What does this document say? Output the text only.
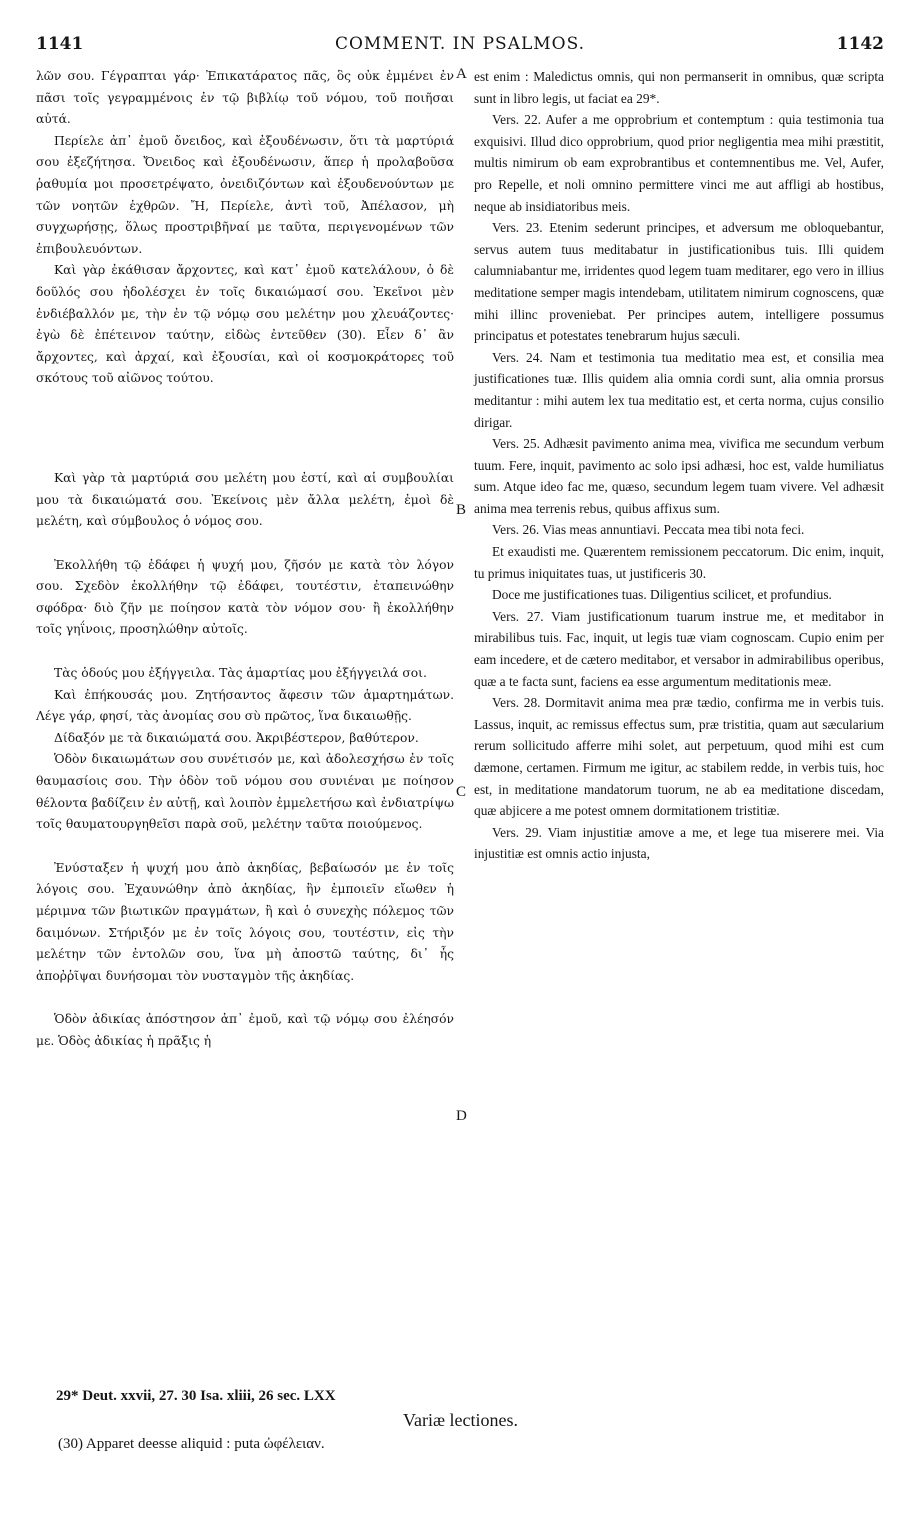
1141	COMMENT. IN PSALMOS.	1142

λῶν σου. Γέγραπται γάρ· Ἐπικατάρατος πᾶς, ὃς οὐκ ἐμμένει ἐν πᾶσι τοῖς γεγραμμένοις ἐν τῷ βιβλίῳ τοῦ νόμου, τοῦ ποιῆσαι αὐτά.

Περίελε ἀπ᾽ ἐμοῦ ὄνειδος, καὶ ἐξουδένωσιν, ὅτι τὰ μαρτύριά σου ἐξεζήτησα. Ὄνειδος καὶ ἐξουδένωσιν, ἅπερ ἡ προλαβοῦσα ῥαθυμία μοι προσετρέψατο, ὀνειδιζόντων καὶ ἐξουδενούντων με τῶν νοητῶν ἐχθρῶν. Ἤ, Περίελε, ἀντὶ τοῦ, Ἀπέλασον, μὴ συγχωρήσῃς, ὅλως προστριβῆναί με ταῦτα, περιγενομένων τῶν ἐπιβουλευόντων.

Καὶ γὰρ ἐκάθισαν ἄρχοντες, καὶ κατ᾽ ἐμοῦ κατελάλουν, ὁ δὲ δοῦλός σου ἠδολέσχει ἐν τοῖς δικαιώμασί σου. Ἐκεῖνοι μὲν ἐνδιέβαλλόν με, τὴν ἐν τῷ νόμῳ σου μελέτην μου χλευάζοντες· ἐγὼ δὲ ἐπέτεινον ταύτην, εἰδὼς ἐντεῦθεν (30). Εἶεν δ᾽ ἂν ἄρχοντες, καὶ ἀρχαί, καὶ ἐξουσίαι, καὶ οἱ κοσμοκράτορες τοῦ σκότους τοῦ αἰῶνος τούτου.

Καὶ γὰρ τὰ μαρτύριά σου μελέτη μου ἐστί, καὶ αἱ συμβουλίαι μου τὰ δικαιώματά σου. Ἐκείνοις μὲν ἄλλα μελέτη, ἐμοὶ δὲ μελέτη, καὶ σύμβουλος ὁ νόμος σου.

Ἐκολλήθη τῷ ἐδάφει ἡ ψυχή μου, ζῆσόν με κατὰ τὸν λόγον σου. Σχεδὸν ἐκολλήθην τῷ ἐδάφει, τουτέστιν, ἐταπεινώθην σφόδρα· διὸ ζῆν με ποίησον κατὰ τὸν νόμον σου· ἢ ἐκολλήθην τοῖς γηΐνοις, προσηλώθην αὐτοῖς.

Τὰς ὁδούς μου ἐξήγγειλα. Τὰς ἁμαρτίας μου ἐξήγγειλά σοι.

Καὶ ἐπήκουσάς μου. Ζητήσαντος ἄφεσιν τῶν ἁμαρτημάτων. Λέγε γάρ, φησί, τὰς ἀνομίας σου σὺ πρῶτος, ἵνα δικαιωθῇς.

Δίδαξόν με τὰ δικαιώματά σου. Ἀκριβέστερον, βαθύτερον.

Ὁδὸν δικαιωμάτων σου συνέτισόν με, καὶ ἀδολεσχήσω ἐν τοῖς θαυμασίοις σου. Τὴν ὁδὸν τοῦ νόμου σου συνιέναι με ποίησον θέλοντα βαδίζειν ἐν αὐτῇ, καὶ λοιπὸν ἐμμελετήσω καὶ ἐνδιατρίψω τοῖς θαυματουργηθεῖσι παρὰ σοῦ, μελέτην ταῦτα ποιούμενος.

Ἐνύσταξεν ἡ ψυχή μου ἀπὸ ἀκηδίας, βεβαίωσόν με ἐν τοῖς λόγοις σου. Ἐχαυνώθην ἀπὸ ἀκηδίας, ἣν ἐμποιεῖν εἴωθεν ἡ μέριμνα τῶν βιωτικῶν πραγμάτων, ἢ καὶ ὁ συνεχὴς πόλεμος τῶν δαιμόνων. Στήριξόν με ἐν τοῖς λόγοις σου, τουτέστιν, εἰς τὴν μελέτην τῶν ἐντολῶν σου, ἵνα μὴ ἀποστῶ ταύτης, δι᾽ ἧς ἀποῤῥῖψαι δυνήσομαι τὸν νυσταγμὸν τῆς ἀκηδίας.

Ὁδὸν ἀδικίας ἀπόστησον ἀπ᾽ ἐμοῦ, καὶ τῷ νόμῳ σου ἐλέησόν με. Ὁδὸς ἀδικίας ἡ πρᾶξις ἡ

A
B
C
D

est enim : Maledictus omnis, qui non permanserit in omnibus, quæ scripta sunt in libro legis, ut faciat ea 29*.

Vers. 22. Aufer a me opprobrium et contemptum : quia testimonia tua exquisivi. Illud dico opprobrium, quod prior negligentia mea mihi præstitit, multis nimirum ob eam exprobrantibus et contemnentibus me. Vel, Aufer, pro Repelle, et noli omnino permittere vinci me aut affligi ab hostibus, neque ab insidiatoribus meis.

Vers. 23. Etenim sederunt principes, et adversum me obloquebantur, servus autem tuus meditabatur in justificationibus tuis. Illi quidem calumniabantur me, irridentes quod legem tuam meditarer, ego vero in illius meditatione semper magis intendebam, utilitatem nimirum cognoscens, quæ mihi illinc proveniebat. Per principes autem, intelligere possumus principatus et potestates tenebrarum hujus sæculi.

Vers. 24. Nam et testimonia tua meditatio mea est, et consilia mea justificationes tuæ. Illis quidem alia omnia cordi sunt, alia omnia prorsus meditantur : mihi autem lex tua meditatio est, et certa norma, cujus consilio dirigar.

Vers. 25. Adhæsit pavimento anima mea, vivifica me secundum verbum tuum. Fere, inquit, pavimento ac solo ipsi adhæsi, hoc est, valde humiliatus sum. Atque ideo fac me, quæso, secundum legem tuam vivere. Vel adhæsit anima mea terrenis rebus, quibus affixus sum.

Vers. 26. Vias meas annuntiavi. Peccata mea tibi nota feci.

Et exaudisti me. Quærentem remissionem peccatorum. Dic enim, inquit, tu primus iniquitates tuas, ut justificeris 30.

Doce me justificationes tuas. Diligentius scilicet, et profundius.

Vers. 27. Viam justificationum tuarum instrue me, et meditabor in mirabilibus tuis. Fac, inquit, ut legis tuæ viam cognoscam. Cupio enim per eam incedere, et de cætero meditabor, et versabor in admirabilibus operibus, quæ a te facta sunt, faciens ea esse argumentum meditationis meæ.

Vers. 28. Dormitavit anima mea præ tædio, confirma me in verbis tuis. Lassus, inquit, ac remissus effectus sum, præ tristitia, quam aut sæcularium rerum sollicitudo afferre mihi solet, aut perpetuum, quod mihi est cum dæmone, certamen. Firmum me igitur, ac stabilem redde, in verbis tuis, hoc est, in meditatione mandatorum tuorum, ne ab ea meditatione discedam, quæ abjicere a me potest omnem dormitationem tristitiæ.

Vers. 29. Viam injustitiæ amove a me, et lege tua miserere mei. Via injustitiæ est omnis actio injusta,

29* Deut. xxvii, 27. 30 Isa. xliii, 26 sec. LXX
Variæ lectiones.
(30) Apparet deesse aliquid : puta ὠφέλειαν.
